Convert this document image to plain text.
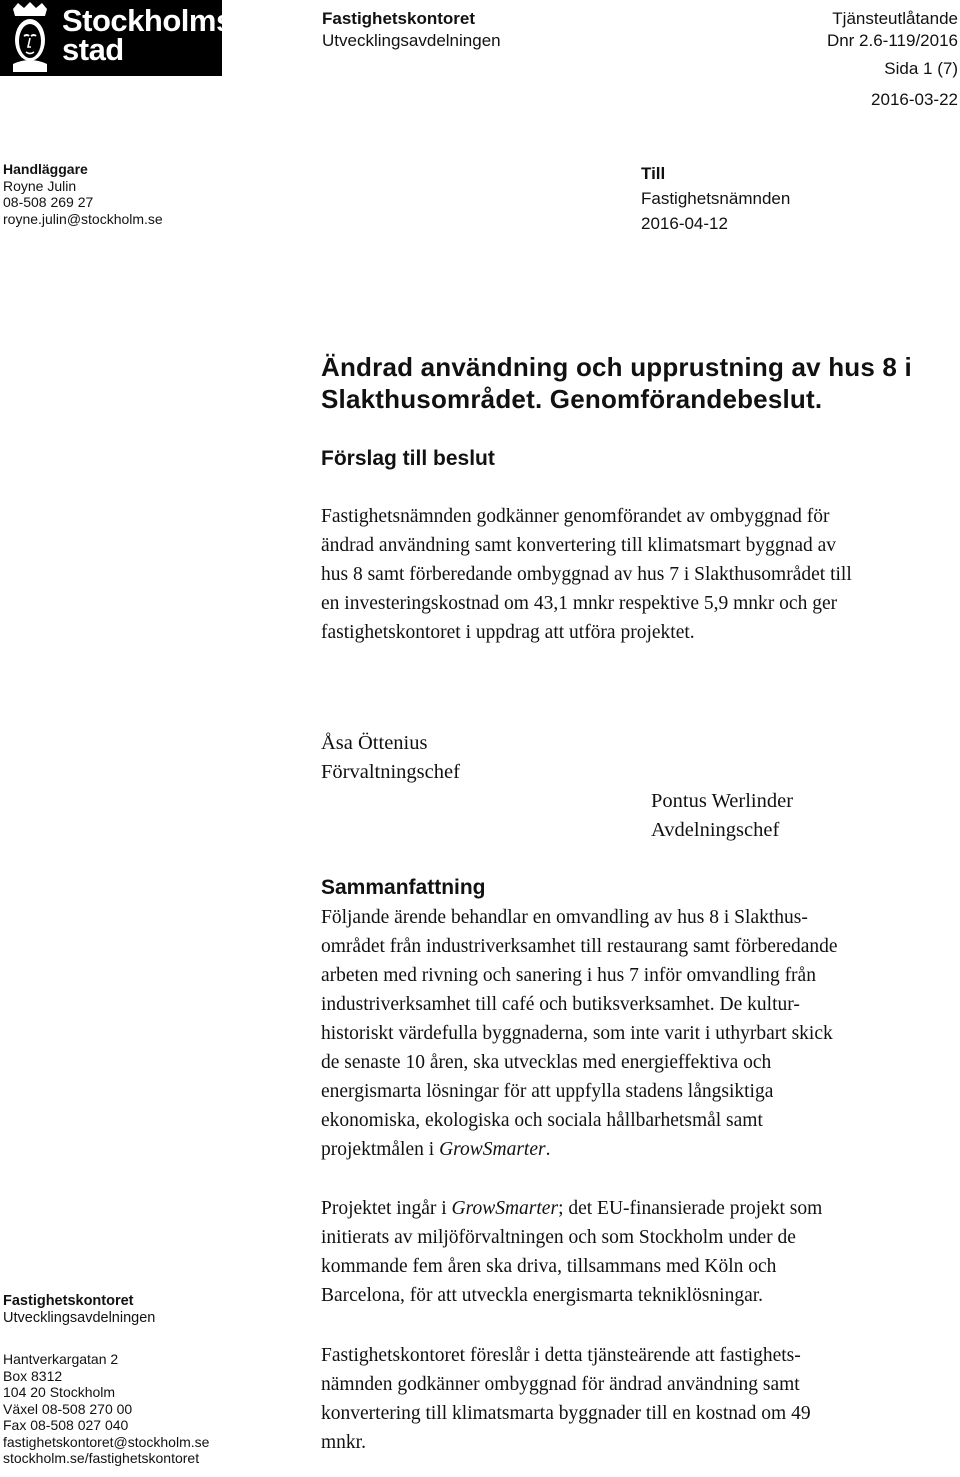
Stockholms
stad
Fastighetskontoret
Utvecklingsavdelningen
Tjänsteutlåtande
Dnr 2.6-119/2016
Sida 1 (7)
2016-03-22
Handläggare
Royne Julin
08-508 269 27
royne.julin@stockholm.se
Till
Fastighetsnämnden
2016-04-12
Ändrad användning och upprustning av hus 8 i
Slakthusområdet. Genomförandebeslut.
Förslag till beslut
Fastighetsnämnden godkänner genomförandet av ombyggnad för
ändrad användning samt konvertering till klimatsmart byggnad av
hus 8 samt förberedande ombyggnad av hus 7 i Slakthusområdet till
en investeringskostnad om 43,1 mnkr respektive 5,9 mnkr och ger
fastighetskontoret i uppdrag att utföra projektet.
Åsa Öttenius
Förvaltningschef
Pontus Werlinder
Avdelningschef
Sammanfattning
Följande ärende behandlar en omvandling av hus 8 i Slakthus-
området från industriverksamhet till restaurang samt förberedande
arbeten med rivning och sanering i hus 7 inför omvandling från
industriverksamhet till café och butiksverksamhet. De kultur-
historiskt värdefulla byggnaderna, som inte varit i uthyrbart skick
de senaste 10 åren, ska utvecklas med energieffektiva och
energismarta lösningar för att uppfylla stadens långsiktiga
ekonomiska, ekologiska och sociala hållbarhetsmål samt
projektmålen i GrowSmarter.
Projektet ingår i GrowSmarter; det EU-finansierade projekt som
initierats av miljöförvaltningen och som Stockholm under de
kommande fem åren ska driva, tillsammans med Köln och
Barcelona, för att utveckla energismarta tekniklösningar.
Fastighetskontoret föreslår i detta tjänsteärende att fastighets-
nämnden godkänner ombyggnad för ändrad användning samt
konvertering till klimatsmarta byggnader till en kostnad om 49
mnkr.
Fastighetskontoret
Utvecklingsavdelningen
Hantverkargatan 2
Box 8312
104 20 Stockholm
Växel 08-508 270 00
Fax 08-508 027 040
fastighetskontoret@stockholm.se
stockholm.se/fastighetskontoret
